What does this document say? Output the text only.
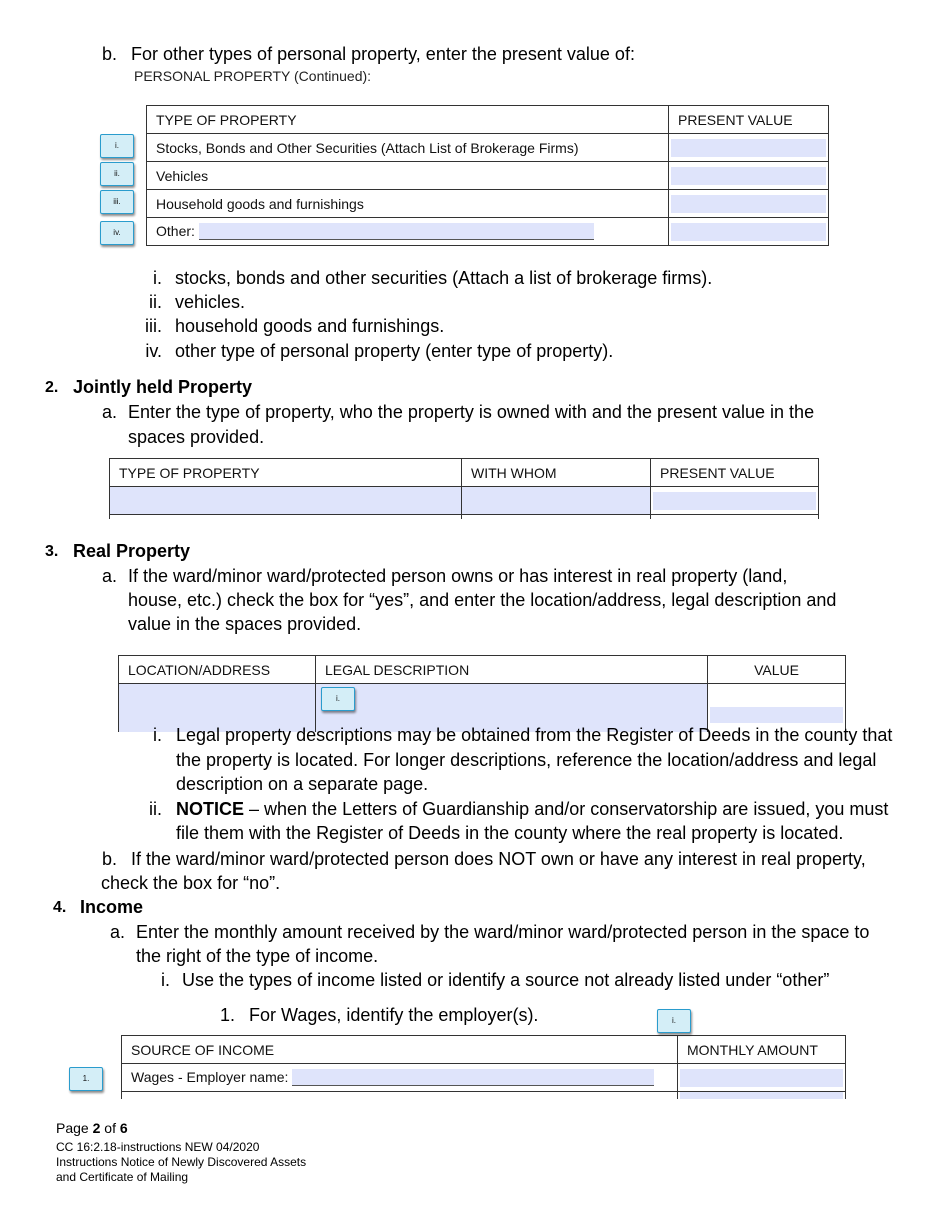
b. For other types of personal property, enter the present value of:
PERSONAL PROPERTY (Continued):
TYPE OF PROPERTY	PRESENT VALUE
Stocks, Bonds and Other Securities (Attach List of Brokerage Firms)	

Vehicles	

Household goods and furnishings	

Other:	
i.
ii.
iii.
iv.
i. stocks, bonds and other securities (Attach a list of brokerage firms).
ii. vehicles.
iii. household goods and furnishings.
iv. other type of personal property (enter type of property).
2. Jointly held Property
a. Enter the type of property, who the property is owned with and the present value in the
spaces provided.
TYPE OF PROPERTY	WITH WHOM	PRESENT VALUE

3. Real Property
a. If the ward/minor ward/protected person owns or has interest in real property (land,
house, etc.) check the box for “yes”, and enter the location/address, legal description and
value in the spaces provided.
LOCATION/ADDRESS	LEGAL DESCRIPTION	VALUE

i.
i. Legal property descriptions may be obtained from the Register of Deeds in the county that
the property is located. For longer descriptions, reference the location/address and legal
description on a separate page.
ii. NOTICE – when the Letters of Guardianship and/or conservatorship are issued, you must
file them with the Register of Deeds in the county where the real property is located.
b. If the ward/minor ward/protected person does NOT own or have any interest in real property,
check the box for “no”.
4. Income
a. Enter the monthly amount received by the ward/minor ward/protected person in the space to
the right of the type of income.
i. Use the types of income listed or identify a source not already listed under “other”
1. For Wages, identify the employer(s).
SOURCE OF INCOME	MONTHLY AMOUNT
Wages - Employer name:	

i.
1.
Page 2 of 6
CC 16:2.18-instructions NEW 04/2020
Instructions Notice of Newly Discovered Assets
and Certificate of Mailing
